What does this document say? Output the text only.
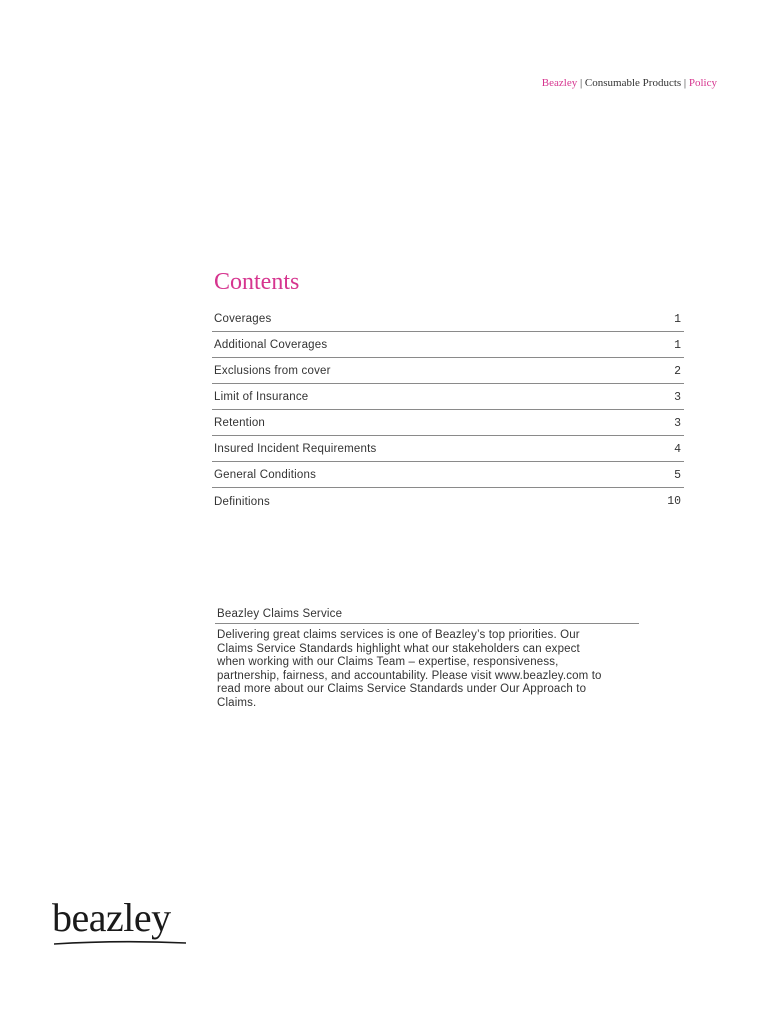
Beazley | Consumable Products | Policy
Contents
Coverages	1
Additional Coverages	1
Exclusions from cover	2
Limit of Insurance	3
Retention	3
Insured Incident Requirements	4
General Conditions	5
Definitions	10
Beazley Claims Service
Delivering great claims services is one of Beazley’s top priorities. Our
Claims Service Standards highlight what our stakeholders can expect
when working with our Claims Team – expertise, responsiveness,
partnership, fairness, and accountability. Please visit www.beazley.com to
read more about our Claims Service Standards under Our Approach to
Claims.
beazley
